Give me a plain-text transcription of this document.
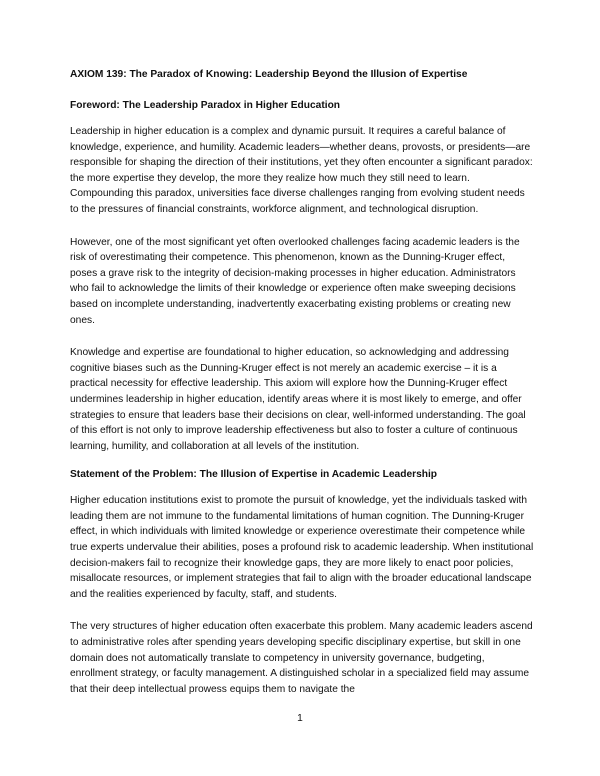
AXIOM 139: The Paradox of Knowing: Leadership Beyond the Illusion of Expertise

Foreword: The Leadership Paradox in Higher Education

Leadership in higher education is a complex and dynamic pursuit. It requires a careful balance of knowledge, experience, and humility. Academic leaders—whether deans, provosts, or presidents—are responsible for shaping the direction of their institutions, yet they often encounter a significant paradox: the more expertise they develop, the more they realize how much they still need to learn. Compounding this paradox, universities face diverse challenges ranging from evolving student needs to the pressures of financial constraints, workforce alignment, and technological disruption.

However, one of the most significant yet often overlooked challenges facing academic leaders is the risk of overestimating their competence. This phenomenon, known as the Dunning-Kruger effect, poses a grave risk to the integrity of decision-making processes in higher education. Administrators who fail to acknowledge the limits of their knowledge or experience often make sweeping decisions based on incomplete understanding, inadvertently exacerbating existing problems or creating new ones.

Knowledge and expertise are foundational to higher education, so acknowledging and addressing cognitive biases such as the Dunning-Kruger effect is not merely an academic exercise – it is a practical necessity for effective leadership. This axiom will explore how the Dunning-Kruger effect undermines leadership in higher education, identify areas where it is most likely to emerge, and offer strategies to ensure that leaders base their decisions on clear, well-informed understanding. The goal of this effort is not only to improve leadership effectiveness but also to foster a culture of continuous learning, humility, and collaboration at all levels of the institution.

Statement of the Problem: The Illusion of Expertise in Academic Leadership

Higher education institutions exist to promote the pursuit of knowledge, yet the individuals tasked with leading them are not immune to the fundamental limitations of human cognition. The Dunning-Kruger effect, in which individuals with limited knowledge or experience overestimate their competence while true experts undervalue their abilities, poses a profound risk to academic leadership. When institutional decision-makers fail to recognize their knowledge gaps, they are more likely to enact poor policies, misallocate resources, or implement strategies that fail to align with the broader educational landscape and the realities experienced by faculty, staff, and students.

The very structures of higher education often exacerbate this problem. Many academic leaders ascend to administrative roles after spending years developing specific disciplinary expertise, but skill in one domain does not automatically translate to competency in university governance, budgeting, enrollment strategy, or faculty management. A distinguished scholar in a specialized field may assume that their deep intellectual prowess equips them to navigate the

1
